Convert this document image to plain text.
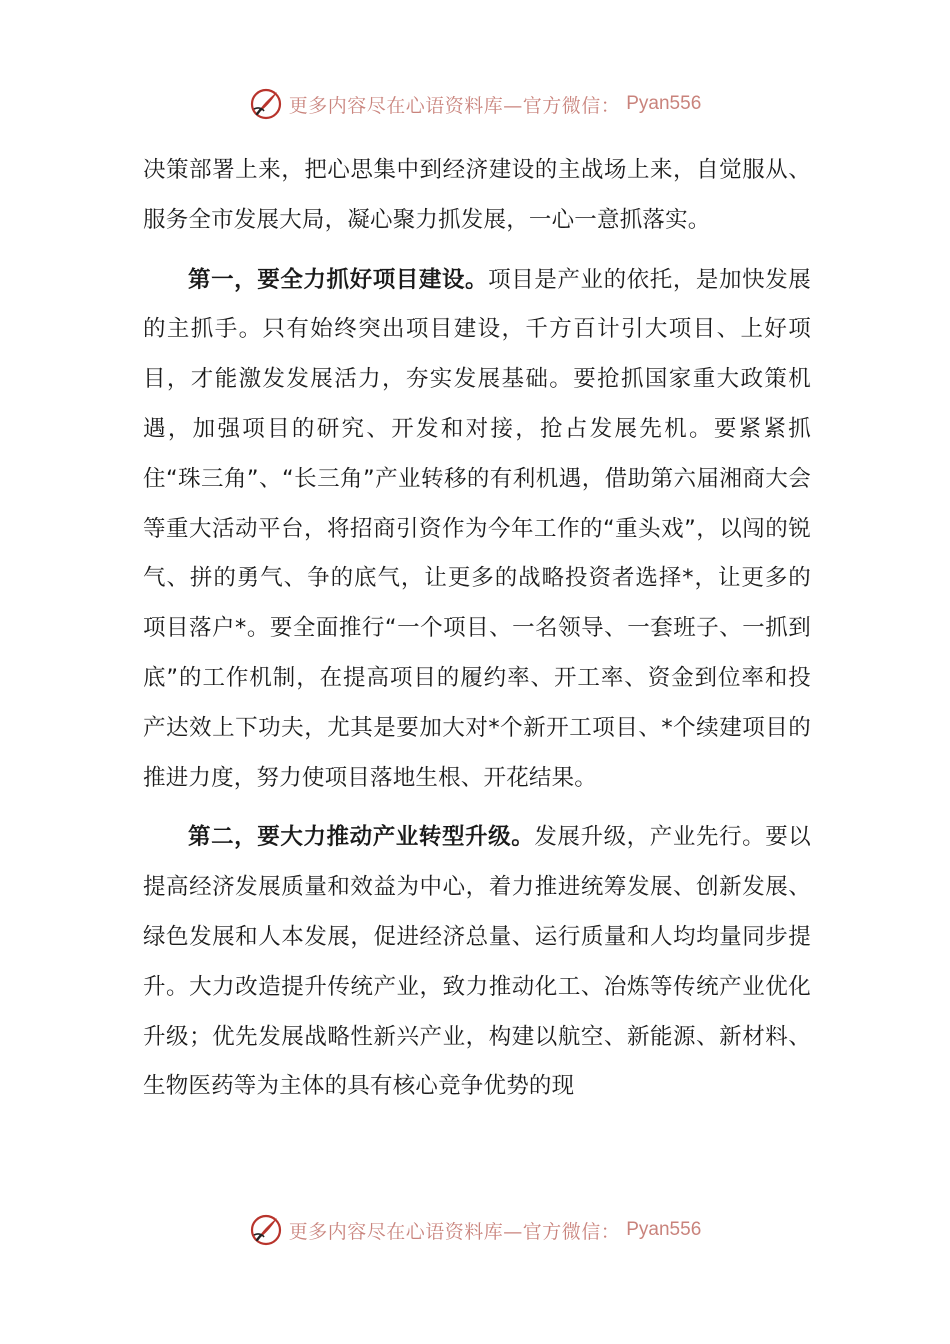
更多内容尽在心语资料库—官方微信： Pyan556

决策部署上来，把心思集中到经济建设的主战场上来，自觉服从、服务全市发展大局，凝心聚力抓发展，一心一意抓落实。

第一，要全力抓好项目建设。项目是产业的依托，是加快发展的主抓手。只有始终突出项目建设，千方百计引大项目、上好项目，才能激发发展活力，夯实发展基础。要抢抓国家重大政策机遇，加强项目的研究、开发和对接，抢占发展先机。要紧紧抓住“珠三角”、“长三角”产业转移的有利机遇，借助第六届湘商大会等重大活动平台，将招商引资作为今年工作的“重头戏”，以闯的锐气、拼的勇气、争的底气，让更多的战略投资者选择*，让更多的项目落户*。要全面推行“一个项目、一名领导、一套班子、一抓到底”的工作机制，在提高项目的履约率、开工率、资金到位率和投产达效上下功夫，尤其是要加大对*个新开工项目、*个续建项目的推进力度，努力使项目落地生根、开花结果。

第二，要大力推动产业转型升级。发展升级，产业先行。要以提高经济发展质量和效益为中心，着力推进统筹发展、创新发展、绿色发展和人本发展，促进经济总量、运行质量和人均均量同步提升。大力改造提升传统产业，致力推动化工、冶炼等传统产业优化升级；优先发展战略性新兴产业，构建以航空、新能源、新材料、生物医药等为主体的具有核心竞争优势的现

更多内容尽在心语资料库—官方微信： Pyan556
